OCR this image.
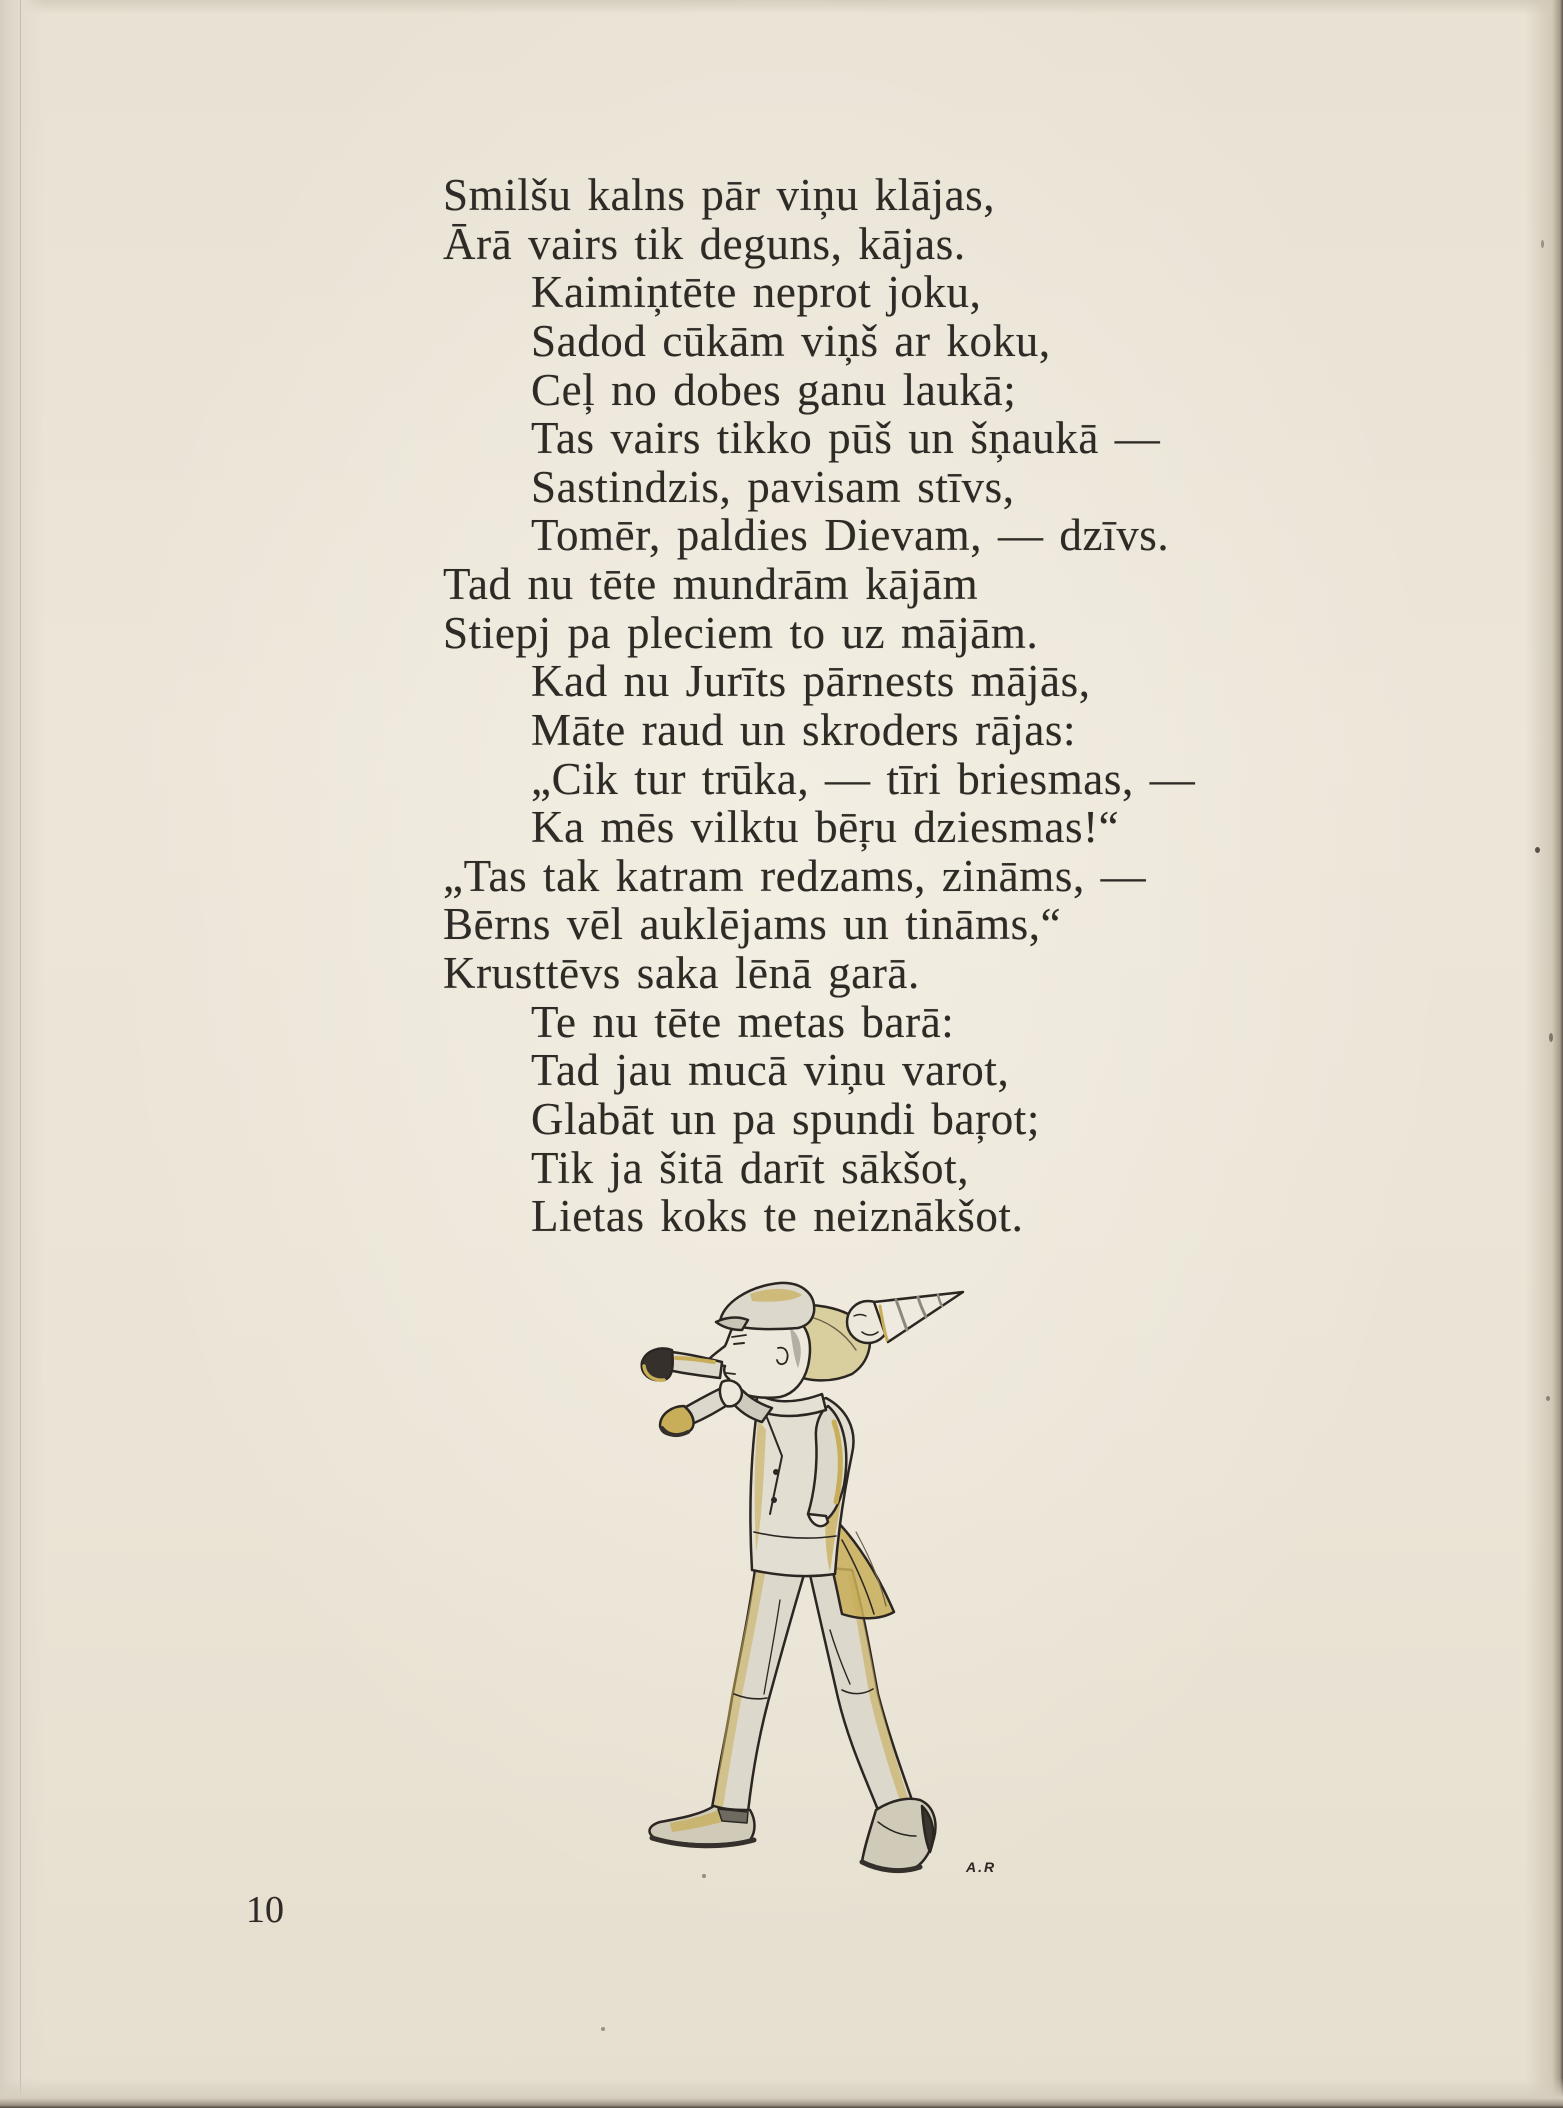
Smilšu kalns pār viņu klājas,
Ārā vairs tik deguns, kājas.
Kaimiņtēte neprot joku,
Sadod cūkām viņš ar koku,
Ceļ no dobes ganu laukā;
Tas vairs tikko pūš un šņaukā —
Sastindzis, pavisam stīvs,
Tomēr, paldies Dievam, — dzīvs.
Tad nu tēte mundrām kājām
Stiepj pa pleciem to uz mājām.
Kad nu Jurīts pārnests mājās,
Māte raud un skroders rājas:
„Cik tur trūka, — tīri briesmas, —
Ka mēs vilktu bēŗu dziesmas!“
„Tas tak katram redzams, zināms, —
Bērns vēl auklējams un tināms,“
Krusttēvs saka lēnā garā.
Te nu tēte metas barā:
Tad jau mucā viņu varot,
Glabāt un pa spundi baŗot;
Tik ja šitā darīt sākšot,
Lietas koks te neiznākšot.
A.R
10
